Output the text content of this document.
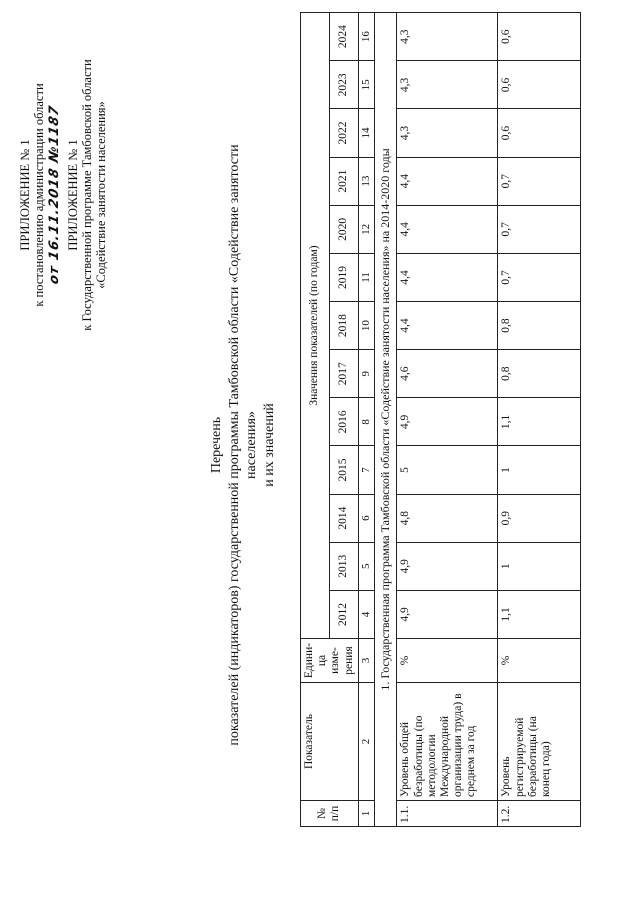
ПРИЛОЖЕНИЕ № 1 к постановлению администрации области от 16.11.2018 №1187 ПРИЛОЖЕНИЕ № 1 к Государственной программе Тамбовской области «Содействие занятости населения»
Перечень показателей (индикаторов) государственной программы Тамбовской области «Содействие занятости населения» и их значений
№ п/п	Показатель	Едини-ца изме-рения	Значения показателей (по годам)												
			2012	2013	2014	2015	2016	2017	2018	2019	2020	2021	2022	2023	2024
1	2	3	4	5	6	7	8	9	10	11	12	13	14	15	16
1. Государственная программа Тамбовской области «Содействие занятости населения» на 2014-2020 годы															
1.1.	Уровень общей безработицы (по методологии Международной организации труда) в среднем за год	%	4,9	4,9	4,8	5	4,9	4,6	4,4	4,4	4,4	4,4	4,3	4,3	4,3
1.2.	Уровень регистрируемой безработицы (на конец года)	%	1,1	1	0,9	1	1,1	0,8	0,8	0,7	0,7	0,7	0,6	0,6	0,6
